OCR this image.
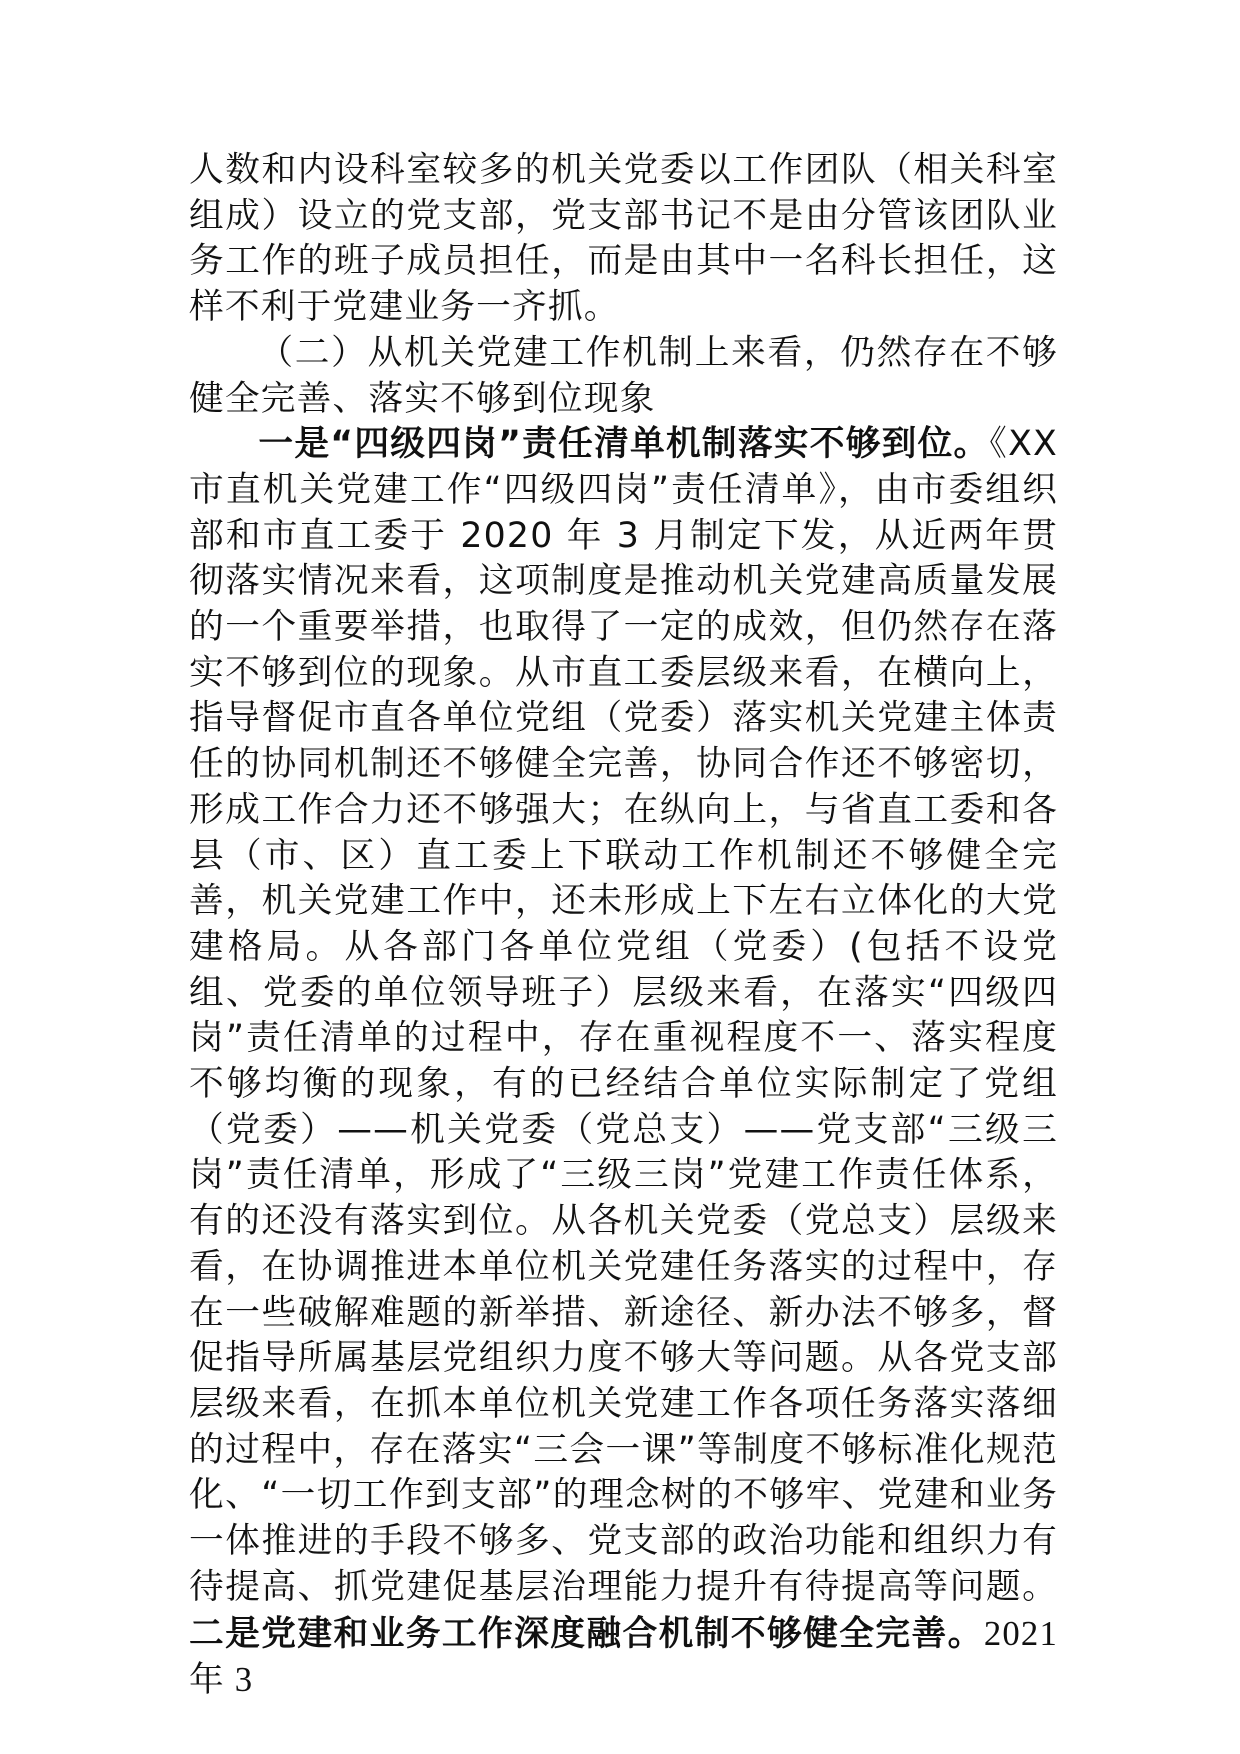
人数和内设科室较多的机关党委以工作团队（相关科室组成）设立的党支部，党支部书记不是由分管该团队业务工作的班子成员担任，而是由其中一名科长担任，这样不利于党建业务一齐抓。

（二）从机关党建工作机制上来看，仍然存在不够健全完善、落实不够到位现象

一是“四级四岗”责任清单机制落实不够到位。《XX市直机关党建工作“四级四岗”责任清单》，由市委组织部和市直工委于 2020 年 3 月制定下发，从近两年贯彻落实情况来看，这项制度是推动机关党建高质量发展的一个重要举措，也取得了一定的成效，但仍然存在落实不够到位的现象。从市直工委层级来看，在横向上，指导督促市直各单位党组（党委）落实机关党建主体责任的协同机制还不够健全完善，协同合作还不够密切，形成工作合力还不够强大；在纵向上，与省直工委和各县（市、区）直工委上下联动工作机制还不够健全完善，机关党建工作中，还未形成上下左右立体化的大党建格局。从各部门各单位党组（党委）(包括不设党组、党委的单位领导班子）层级来看，在落实“四级四岗”责任清单的过程中，存在重视程度不一、落实程度不够均衡的现象，有的已经结合单位实际制定了党组（党委）——机关党委（党总支）——党支部“三级三岗”责任清单，形成了“三级三岗”党建工作责任体系，有的还没有落实到位。从各机关党委（党总支）层级来看，在协调推进本单位机关党建任务落实的过程中，存在一些破解难题的新举措、新途径、新办法不够多，督促指导所属基层党组织力度不够大等问题。从各党支部层级来看，在抓本单位机关党建工作各项任务落实落细的过程中，存在落实“三会一课”等制度不够标准化规范化、“一切工作到支部”的理念树的不够牢、党建和业务一体推进的手段不够多、党支部的政治功能和组织力有待提高、抓党建促基层治理能力提升有待提高等问题。二是党建和业务工作深度融合机制不够健全完善。2021 年 3
